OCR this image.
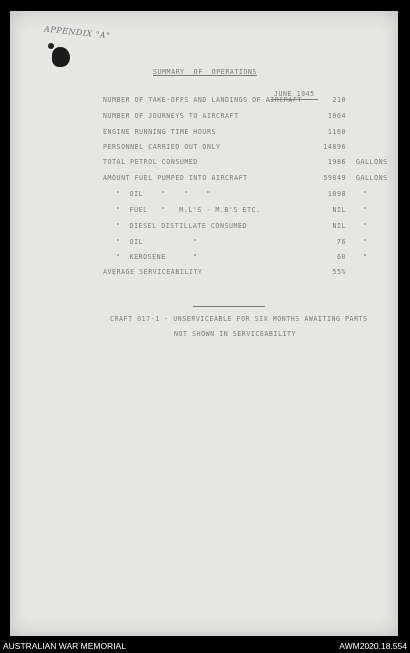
APPENDIX "A"
SUMMARY  OF  OPERATIONS
JUNE 1945
NUMBER OF TAKE-OFFS AND LANDINGS OF AIRCRAFT	210
NUMBER OF JOURNEYS TO AIRCRAFT	1964
ENGINE RUNNING TIME HOURS	1160
PERSONNEL CARRIED OUT ONLY	14896
TOTAL PETROL CONSUMED	1986 GALLONS
AMOUNT FUEL PUMPED INTO AIRCRAFT	59849 GALLONS
"  OIL    "    "    "	1898	"
"  FUEL   "   M.L'S - M.B'S ETC.	NIL	"
"  DIESEL DISTILLATE CONSUMED	NIL	"
"  OIL           "	76	"
"  KEROSENE      "	60	"
AVERAGE SERVICEABILITY	55%
CRAFT 017-1 - UNSERVICEABLE FOR SIX MONTHS AWAITING PARTS
NOT SHOWN IN SERVICEABILITY
AUSTRALIAN WAR MEMORIAL	AWM2020.18.554
